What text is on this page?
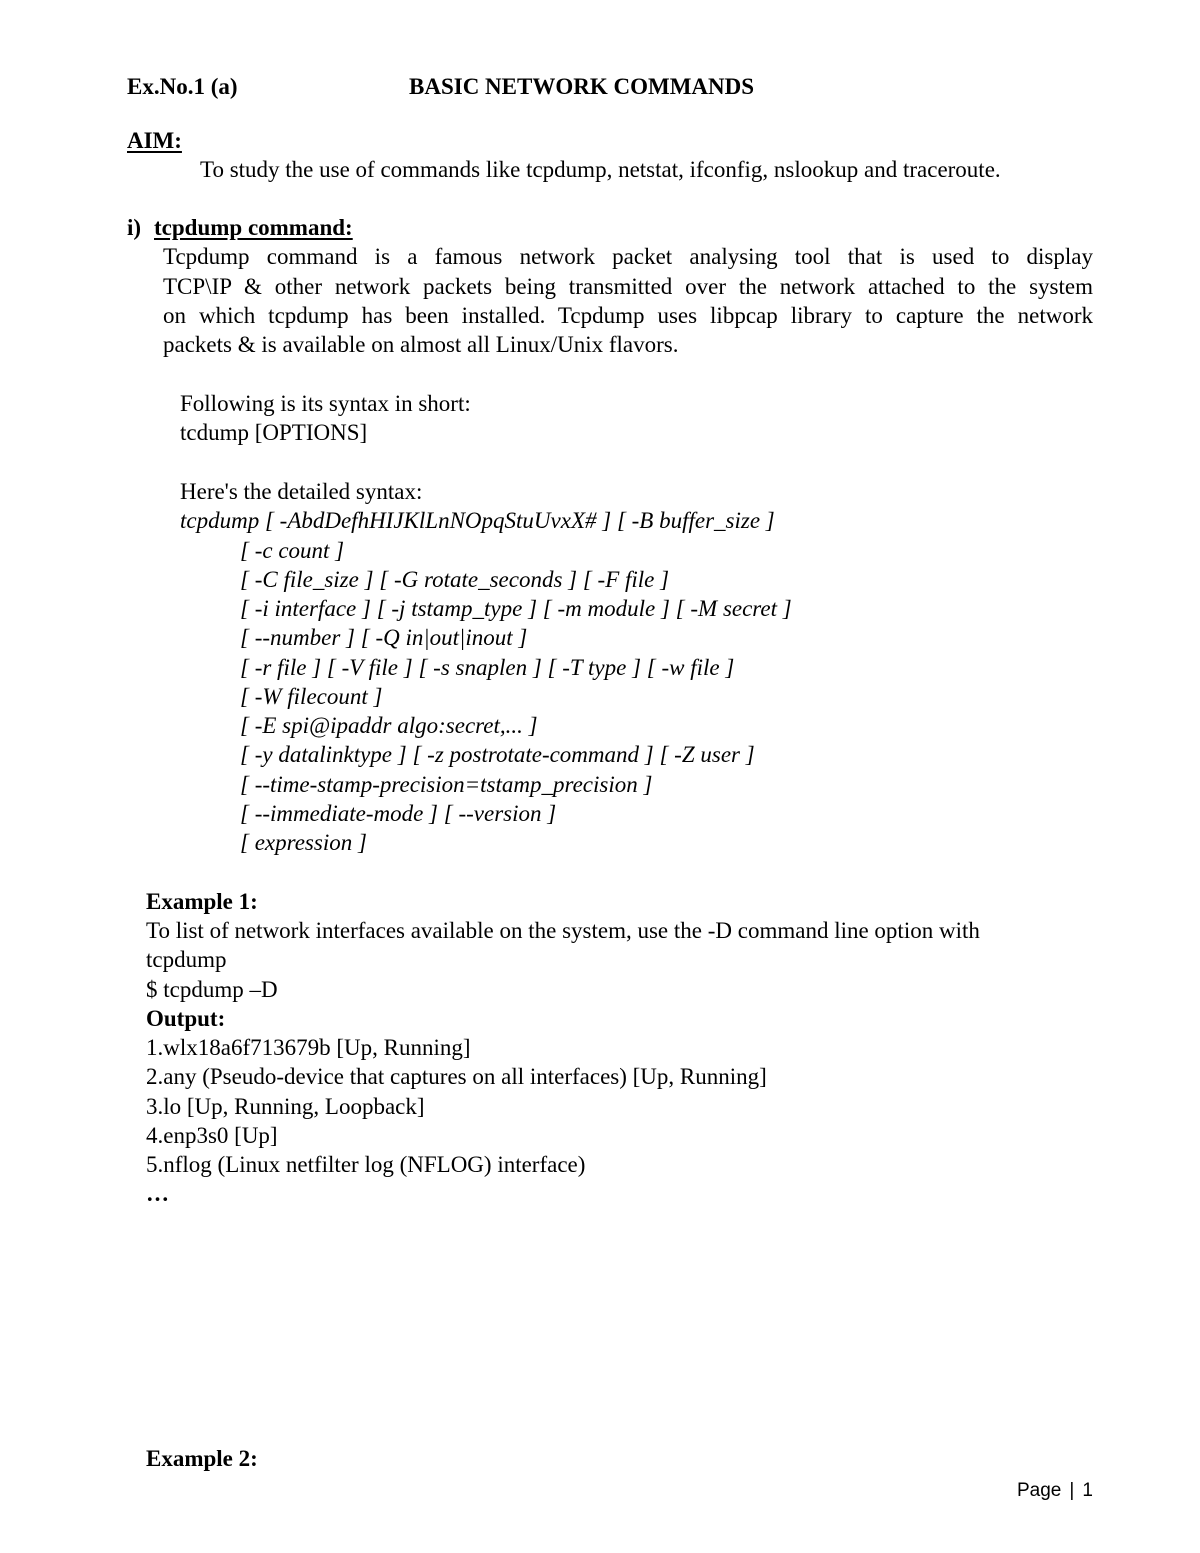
Ex.No.1 (a)	BASIC NETWORK COMMANDS
AIM:
To study the use of commands like tcpdump, netstat, ifconfig, nslookup and traceroute.
i) tcpdump command:
Tcpdump command is a famous network packet analysing tool that is used to display
TCP\IP & other network packets being transmitted over the network attached to the system
on which tcpdump has been installed. Tcpdump uses libpcap library to capture the network
packets & is available on almost all Linux/Unix flavors.
Following is its syntax in short:
tcdump [OPTIONS]
Here's the detailed syntax:
tcpdump [ -AbdDefhHIJKlLnNOpqStuUvxX# ] [ -B buffer_size ]
[ -c count ]
[ -C file_size ] [ -G rotate_seconds ] [ -F file ]
[ -i interface ] [ -j tstamp_type ] [ -m module ] [ -M secret ]
[ --number ] [ -Q in|out|inout ]
[ -r file ] [ -V file ] [ -s snaplen ] [ -T type ] [ -w file ]
[ -W filecount ]
[ -E spi@ipaddr algo:secret,... ]
[ -y datalinktype ] [ -z postrotate-command ] [ -Z user ]
[ --time-stamp-precision=tstamp_precision ]
[ --immediate-mode ] [ --version ]
[ expression ]
Example 1:
To list of network interfaces available on the system, use the -D command line option with
tcpdump
$ tcpdump –D
Output:
1.wlx18a6f713679b [Up, Running]
2.any (Pseudo-device that captures on all interfaces) [Up, Running]
3.lo [Up, Running, Loopback]
4.enp3s0 [Up]
5.nflog (Linux netfilter log (NFLOG) interface)
…
Example 2:
Page | 1
